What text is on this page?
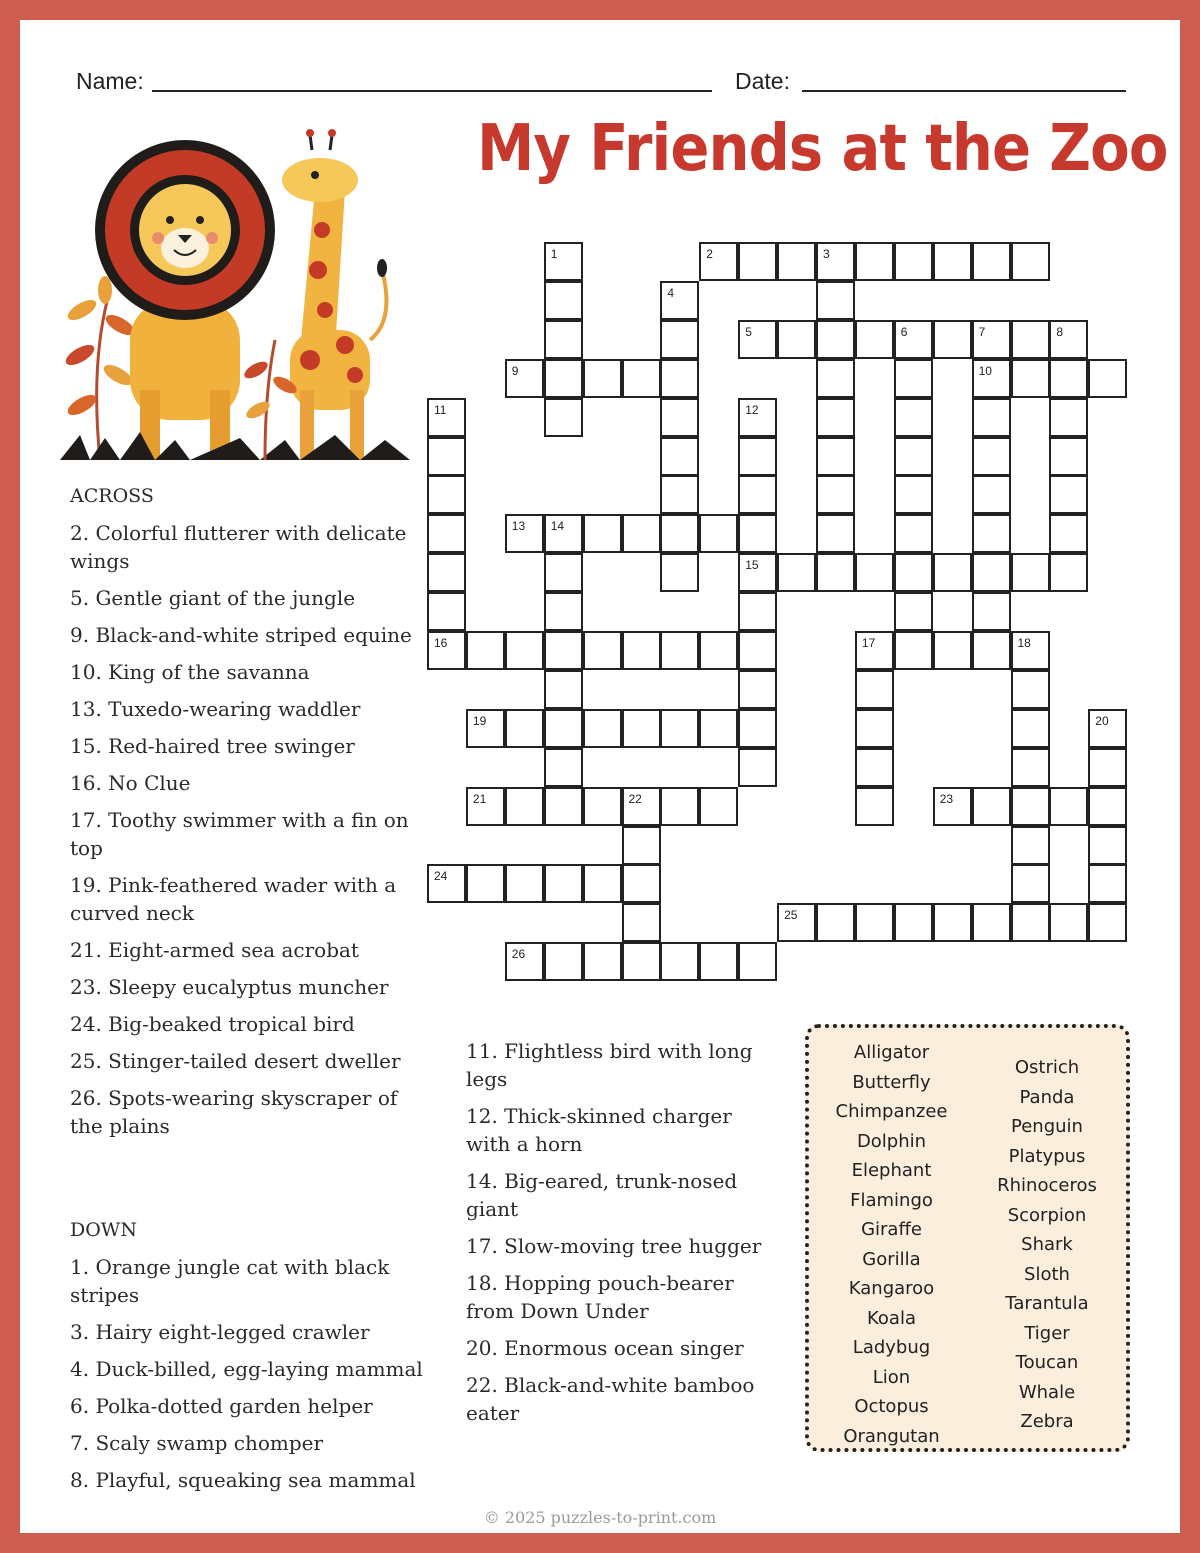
Name:	Date:
My Friends at the Zoo
1	2	3
4
5	6	7	8
10
9
11
16
12
15
13 14
17	18
19	20
21	22	23
24
25
26
ACROSS
2. Colorful flutterer with delicate wings
5. Gentle giant of the jungle
9. Black-and-white striped equine
10. King of the savanna
13. Tuxedo-wearing waddler
15. Red-haired tree swinger
16. No Clue
17. Toothy swimmer with a fin on top
19. Pink-feathered wader with a curved neck
21. Eight-armed sea acrobat
23. Sleepy eucalyptus muncher
24. Big-beaked tropical bird
25. Stinger-tailed desert dweller
26. Spots-wearing skyscraper of the plains
DOWN
1. Orange jungle cat with black stripes
3. Hairy eight-legged crawler
4. Duck-billed, egg-laying mammal
6. Polka-dotted garden helper
7. Scaly swamp chomper
8. Playful, squeaking sea mammal
11. Flightless bird with long legs
12. Thick-skinned charger with a horn
14. Big-eared, trunk-nosed giant
17. Slow-moving tree hugger
18. Hopping pouch-bearer from Down Under
20. Enormous ocean singer
22. Black-and-white bamboo eater
Alligator
Butterfly
Chimpanzee
Dolphin
Elephant
Flamingo
Giraffe
Gorilla
Kangaroo
Koala
Ladybug
Lion
Octopus
Orangutan
Ostrich
Panda
Penguin
Platypus
Rhinoceros
Scorpion
Shark
Sloth
Tarantula
Tiger
Toucan
Whale
Zebra
© 2025 puzzles-to-print.com
